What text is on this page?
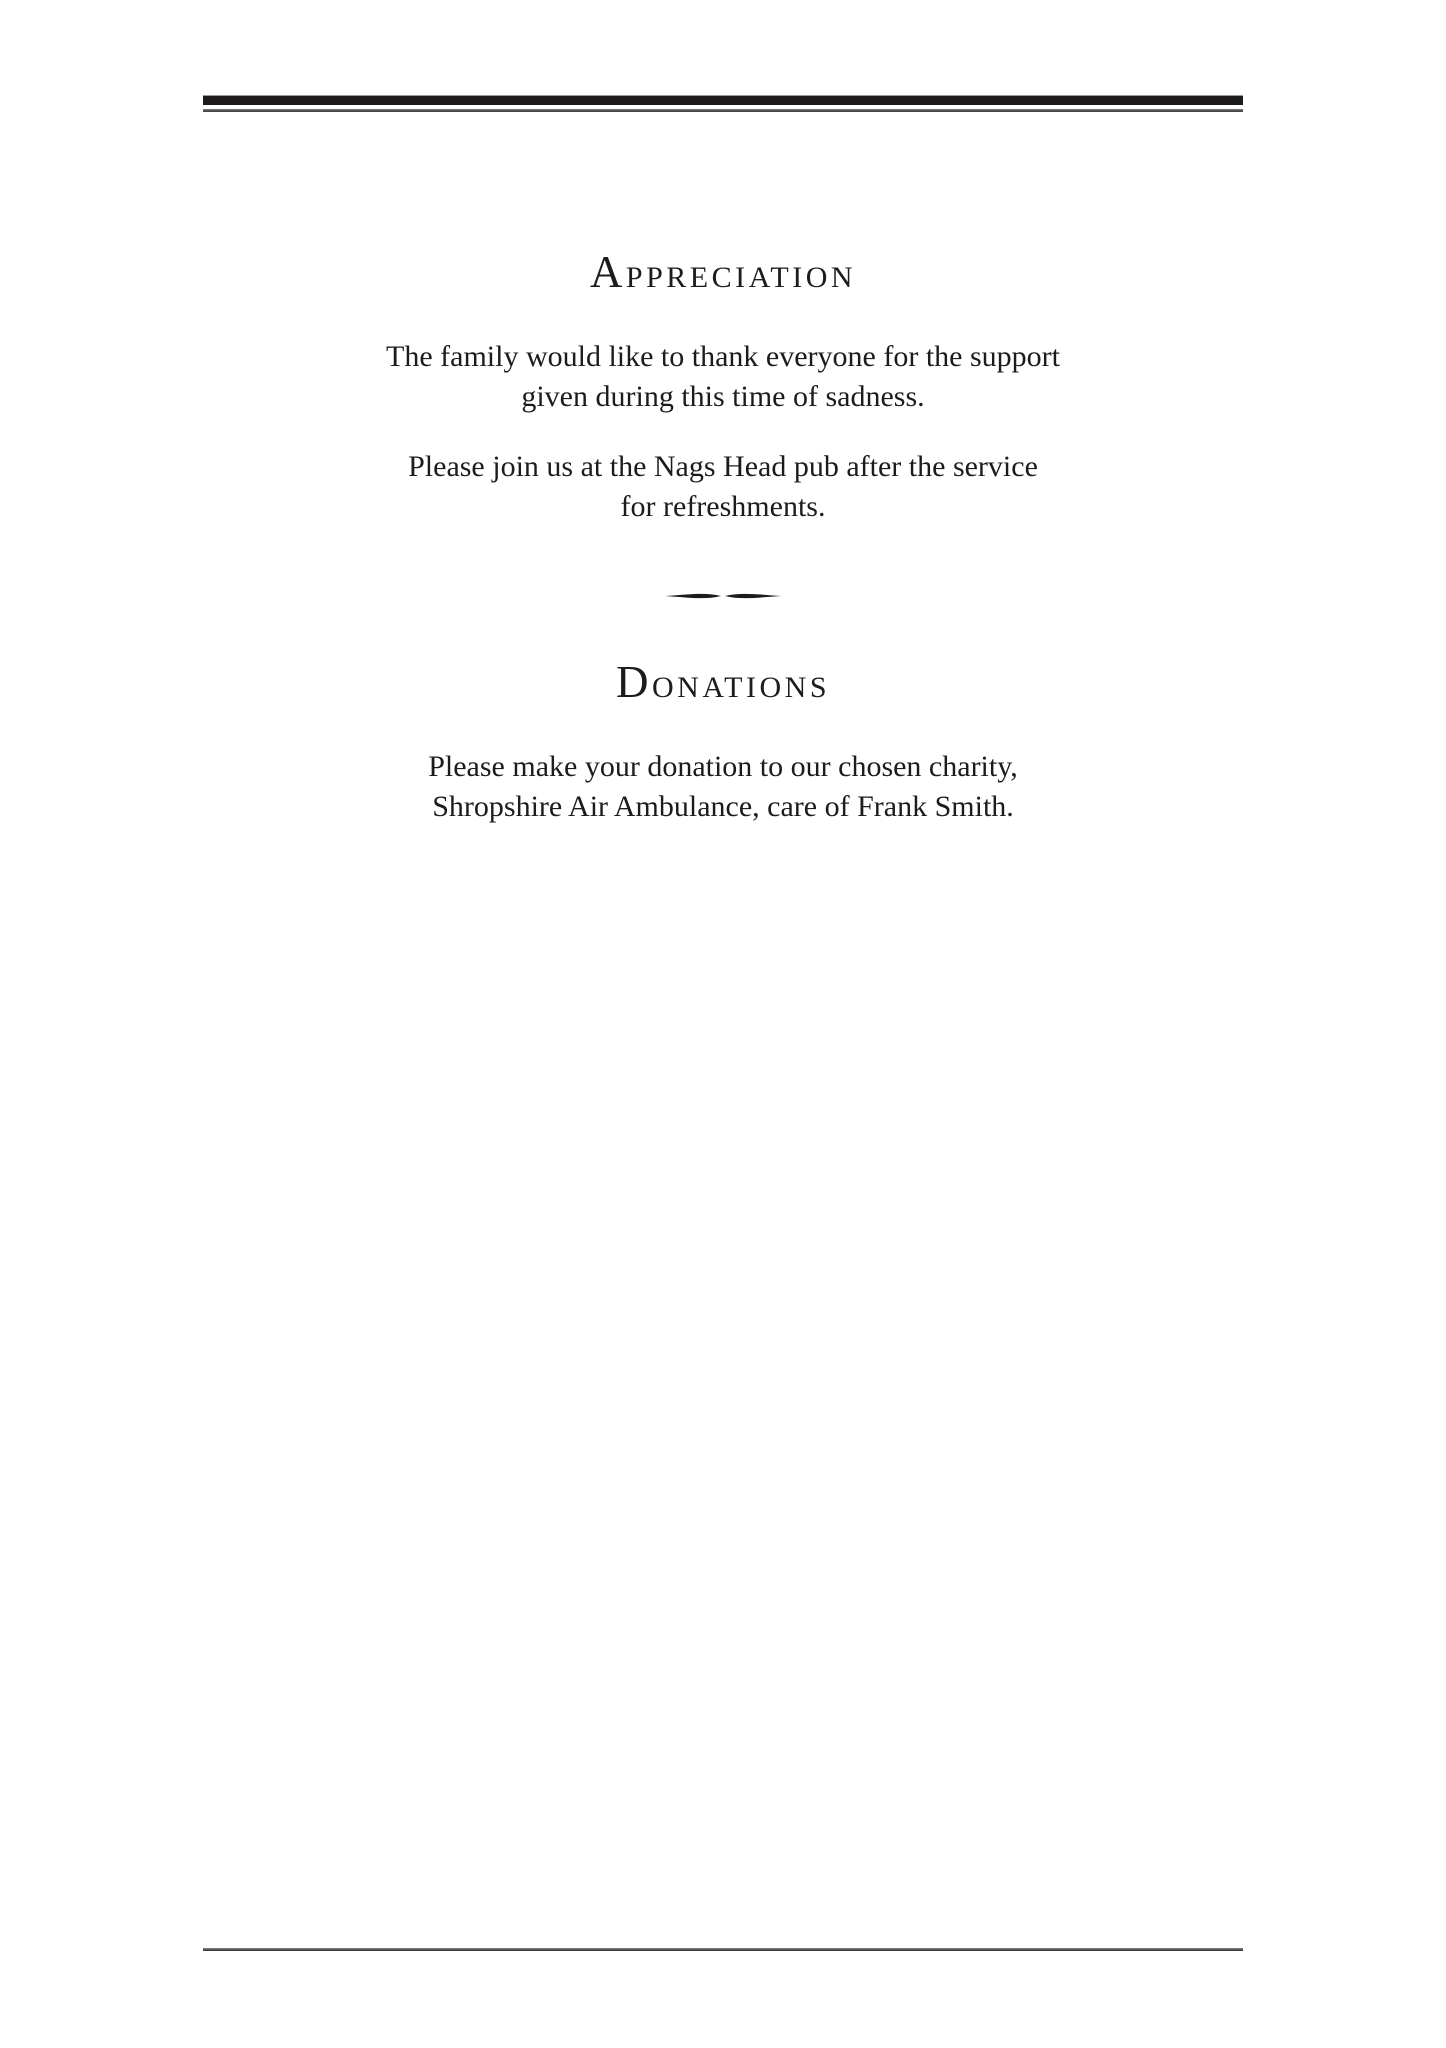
APPRECIATION
The family would like to thank everyone for the support
given during this time of sadness.
Please join us at the Nags Head pub after the service
for refreshments.
DONATIONS
Please make your donation to our chosen charity,
Shropshire Air Ambulance, care of Frank Smith.
